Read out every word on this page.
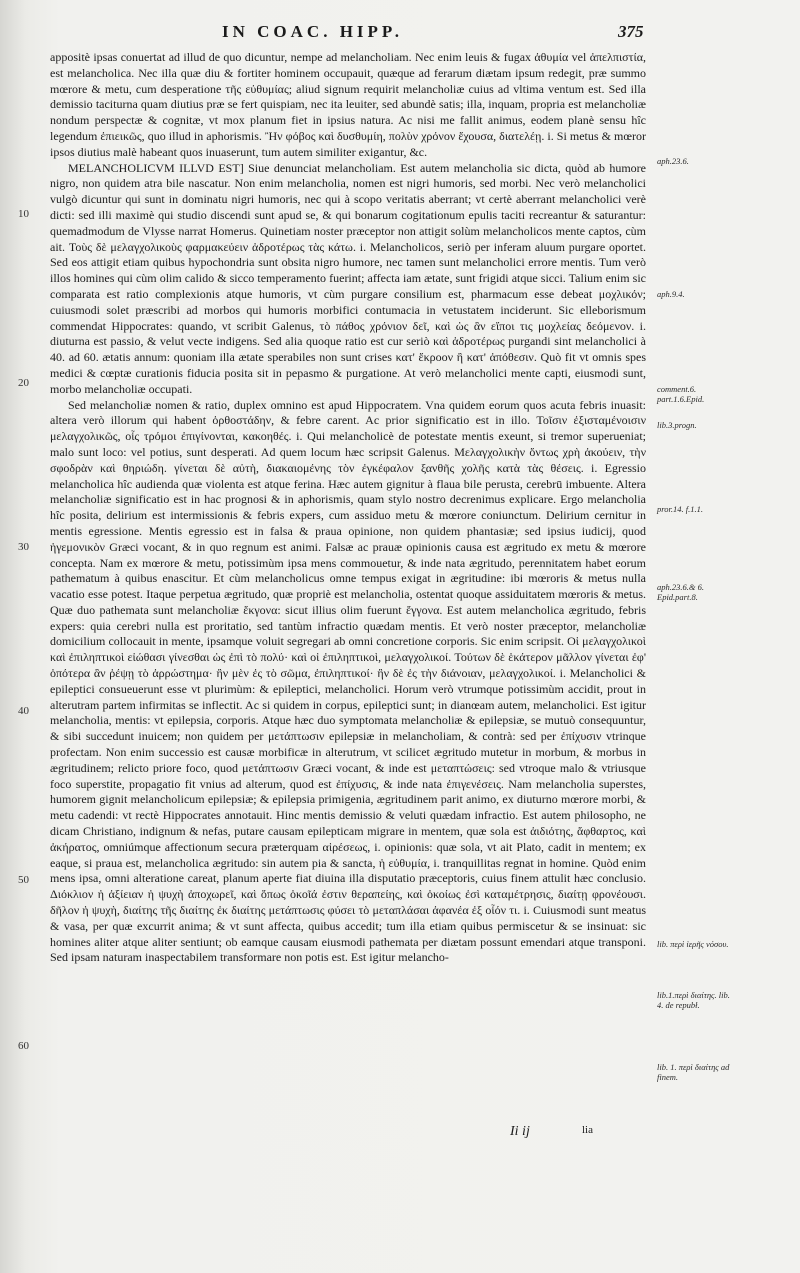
IN COAC. HIPP.	375
10
20
30
40
50
60

appositè ipsas conuertat ad illud de quo dicuntur, nempe ad melancholiam. Nec enim leuis & fugax ἀθυμία vel ἀπελπιστία, est melancholica. Nec illa quæ diu & fortiter hominem occupauit, quæque ad ferarum diætam ipsum redegit, præ summo mœrore & metu, cum desperatione τῆς εὐθυμίας; aliud signum requirit melancholiæ cuius ad vltima ventum est. Sed illa demissio taciturna quam diutius præ se fert quispiam, nec ita leuiter, sed abundè satis; illa, inquam, propria est melancholiæ nondum perspectæ & cognitæ, vt mox planum fiet in ipsius natura. Ac nisi me fallit animus, eodem planè sensu hîc legendum ἐπιεικῶς, quo illud in aphorismis. Ἢν φόβος καὶ δυσθυμίη, πολὺν χρόνον ἔχουσα, διατελέῃ. i. Si metus & mœror ipsos diutius malè habeant quos inuaserunt, tum autem similiter exigantur, &c.

MELANCHOLICVM ILLVD EST] Siue denunciat melancholiam. Est autem melancholia sic dicta, quòd ab humore nigro, non quidem atra bile nascatur. Non enim melancholia, nomen est nigri humoris, sed morbi. Nec verò melancholici vulgò dicuntur qui sunt in dominatu nigri humoris, nec qui à scopo veritatis aberrant; vt certè aberrant melancholici verè dicti: sed illi maximè qui studio discendi sunt apud se, & qui bonarum cogitationum epulis taciti recreantur & saturantur: quemadmodum de Vlysse narrat Homerus. Quinetiam noster præceptor non attigit solùm melancholicos mente captos, cùm ait. Τοὺς δὲ μελαγχολικοὺς φαρμακεύειν ἁδροτέρως τὰς κάτω. i. Melancholicos, seriò per inferam aluum purgare oportet. Sed eos attigit etiam quibus hypochondria sunt obsita nigro humore, nec tamen sunt melancholici errore mentis. Tum verò illos homines qui cùm olim calido & sicco temperamento fuerint; affecta iam ætate, sunt frigidi atque sicci. Talium enim sic comparata est ratio complexionis atque humoris, vt cùm purgare consilium est, pharmacum esse debeat μοχλικόν; cuiusmodi solet præscribi ad morbos qui humoris morbifici contumacia in vetustatem inciderunt. Sic elleborismum commendat Hippocrates: quando, vt scribit Galenus, τὸ πάθος χρόνιον δεῖ, καὶ ὡς ἂν εἴποι τις μοχλείας δεόμενον. i. diuturna est passio, & velut vecte indigens. Sed alia quoque ratio est cur seriò καὶ ἁδροτέρως purgandi sint melancholici à 40. ad 60. ætatis annum: quoniam illa ætate sperabiles non sunt crises κατ' ἔκροον ἢ κατ' ἀπόθεσιν. Quò fit vt omnis spes medici & cœptæ curationis fiducia posita sit in pepasmo & purgatione. At verò melancholici mente capti, eiusmodi sunt, morbo melancholiæ occupati.

Sed melancholiæ nomen & ratio, duplex omnino est apud Hippocratem. Vna quidem eorum quos acuta febris inuasit: altera verò illorum qui habent ὀρθοστάδην, & febre carent. Ac prior significatio est in illo. Τοῖσιν ἐξισταμένοισιν μελαγχολικῶς, οἷς τρόμοι ἐπιγίνονται, κακοηθές. i. Qui melancholicè de potestate mentis exeunt, si tremor superueniat; malo sunt loco: vel potius, sunt desperati. Ad quem locum hæc scripsit Galenus. Μελαγχολικὴν ὄντως χρὴ ἀκούειν, τὴν σφοδρὰν καὶ θηριώδη. γίνεται δὲ αὐτὴ, διακαιομένης τὸν ἐγκέφαλον ξανθῆς χολῆς κατὰ τὰς θέσεις. i. Egressio melancholica hîc audienda quæ violenta est atque ferina. Hæc autem gignitur à flaua bile perusta, cerebrū imbuente. Altera melancholiæ significatio est in hac prognosi & in aphorismis, quam stylo nostro decrenimus explicare. Ergo melancholia hîc posita, delirium est intermissionis & febris expers, cum assiduo metu & mœrore coniunctum. Delirium cernitur in mentis egressione. Mentis egressio est in falsa & praua opinione, non quidem phantasiæ; sed ipsius iudicij, quod ἡγεμονικὸν Græci vocant, & in quo regnum est animi. Falsæ ac prauæ opinionis causa est ægritudo ex metu & mœrore concepta. Nam ex mœrore & metu, potissimùm ipsa mens commouetur, & inde nata ægritudo, perennitatem habet eorum pathematum à quibus enascitur. Et cùm melancholicus omne tempus exigat in ægritudine: ibi mœroris & metus nulla vacatio esse potest. Itaque perpetua ægritudo, quæ propriè est melancholia, ostentat quoque assiduitatem mœroris & metus. Quæ duo pathemata sunt melancholiæ ἔκγονα: sicut illius olim fuerunt ἔγγονα. Est autem melancholica ægritudo, febris expers: quia cerebri nulla est proritatio, sed tantùm infractio quædam mentis. Et verò noster præceptor, melancholiæ domicilium collocauit in mente, ipsamque voluit segregari ab omni concretione corporis. Sic enim scripsit. Οἱ μελαγχολικοὶ καὶ ἐπιληπτικοὶ εἰώθασι γίνεσθαι ὡς ἐπὶ τὸ πολύ· καὶ οἱ ἐπιληπτικοὶ, μελαγχολικοί. Τούτων δὲ ἑκάτερον μᾶλλον γίνεται ἐφ' ὁπότερα ἂν ῥέψῃ τὸ ἀρρώστημα· ἢν μὲν ἐς τὸ σῶμα, ἐπιληπτικοί· ἢν δὲ ἐς τὴν διάνοιαν, μελαγχολικοί. i. Melancholici & epileptici consueuerunt esse vt plurimùm: & epileptici, melancholici. Horum verò vtrumque potissimùm accidit, prout in alterutram partem infirmitas se inflectit. Ac si quidem in corpus, epileptici sunt; in dianœam autem, melancholici. Est igitur melancholia, mentis: vt epilepsia, corporis. Atque hæc duo symptomata melancholiæ & epilepsiæ, se mutuò consequuntur, & sibi succedunt inuicem; non quidem per μετάπτωσιν epilepsiæ in melancholiam, & contrà: sed per ἐπίχυσιν vtrinque profectam. Non enim successio est causæ morbificæ in alterutrum, vt scilicet ægritudo mutetur in morbum, & morbus in ægritudinem; relicto priore foco, quod μετάπτωσιν Græci vocant, & inde est μεταπτώσεις: sed vtroque malo & vtriusque foco superstite, propagatio fit vnius ad alterum, quod est ἐπίχυσις, & inde nata ἐπιγενέσεις. Nam melancholia superstes, humorem gignit melancholicum epilepsiæ; & epilepsia primigenia, ægritudinem parit animo, ex diuturno mœrore morbi, & metu cadendi: vt rectè Hippocrates annotauit. Hinc mentis demissio & veluti quædam infractio. Est autem philosopho, ne dicam Christiano, indignum & nefas, putare causam epilepticam migrare in mentem, quæ sola est ἀιδιότης, ἄφθαρτος, καὶ ἀκήρατος, omniúmque affectionum secura præterquam αἱρέσεως, i. opinionis: quæ sola, vt ait Plato, cadit in mentem; ex eaque, si praua est, melancholica ægritudo: sin autem pia & sancta, ἡ εὐθυμία, i. tranquillitas regnat in homine. Quòd enim mens ipsa, omni alteratione careat, planum aperte fiat diuina illa disputatio præceptoris, cuius finem attulit hæc conclusio. Διόκλιον ἡ ἀξίειαν ἡ ψυχὴ ἀποχωρεῖ, καὶ ὅπως ὁκοῖά ἐστιν θεραπείης, καὶ ὁκοίως ἐσὶ καταμέτρησις, διαίτῃ φρονέουσι. δῆλον ἡ ψυχὴ, διαίτης τῆς διαίτης ἐκ διαίτης μετάπτωσις φύσει τὸ μεταπλάσαι ἀφανέα ἐξ οἷόν τι. i. Cuiusmodi sunt meatus & vasa, per quæ excurrit anima; & vt sunt affecta, quibus accedit; tum illa etiam quibus permiscetur & se insinuat: sic homines aliter atque aliter sentiunt; ob eamque causam eiusmodi pathemata per diætam possunt emendari atque transponi. Sed ipsam naturam inaspectabilem transformare non potis est. Est igitur melancho-

aph.23.6.
aph.9.4.
comment.6. part.1.6.Epid.
lib.3.progn.
pror.14. f.1.1.
aph.23.6.& 6. Epid.part.8.
lib. περὶ ἱερῆς νόσου.
lib.1.περὶ διαίτης. lib. 4. de repubł.
lib. 1. περὶ διαίτης ad finem.
Ii ij	lia
